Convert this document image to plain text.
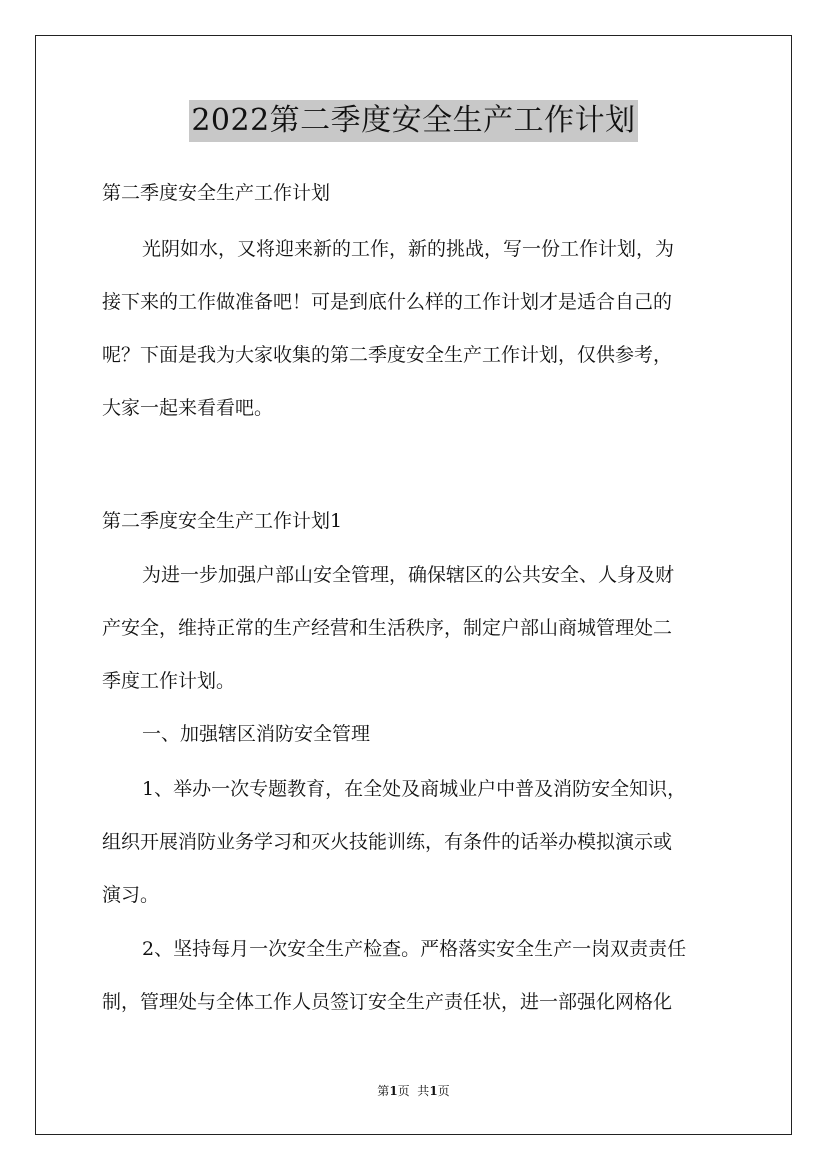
2022第二季度安全生产工作计划
第二季度安全生产工作计划
光阴如水，又将迎来新的工作，新的挑战，写一份工作计划，为
接下来的工作做准备吧！可是到底什么样的工作计划才是适合自己的
呢？下面是我为大家收集的第二季度安全生产工作计划，仅供参考，
大家一起来看看吧。
第二季度安全生产工作计划1
为进一步加强户部山安全管理，确保辖区的公共安全、人身及财
产安全，维持正常的生产经营和生活秩序，制定户部山商城管理处二
季度工作计划。
一、加强辖区消防安全管理
1、举办一次专题教育，在全处及商城业户中普及消防安全知识，
组织开展消防业务学习和灭火技能训练，有条件的话举办模拟演示或
演习。
2、坚持每月一次安全生产检查。严格落实安全生产一岗双责责任
制，管理处与全体工作人员签订安全生产责任状，进一部强化网格化
第1页  共1页
